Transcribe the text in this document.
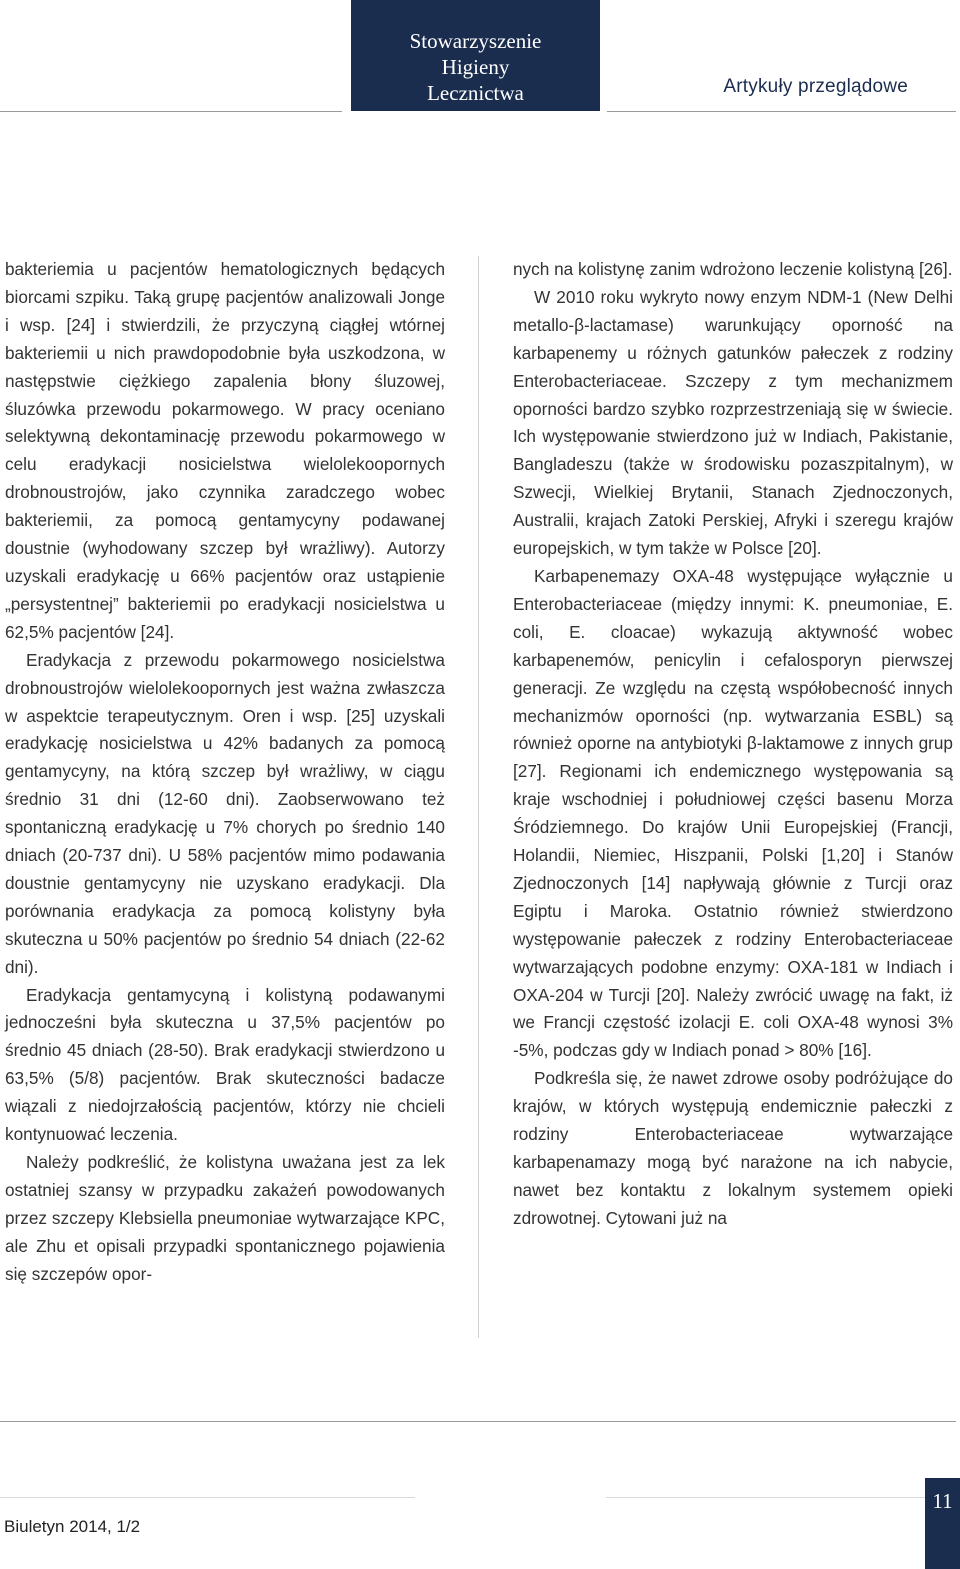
Stowarzyszenie
Higieny
Lecznictwa	Artykuły przeglądowe

bakteriemia u pacjentów hematologicznych będących biorcami szpiku. Taką grupę pacjentów analizowali Jonge i wsp. [24] i stwierdzili, że przyczyną ciągłej wtórnej bakteriemii u nich prawdopodobnie była uszkodzona, w następstwie ciężkiego zapalenia błony śluzowej, śluzówka przewodu pokarmowego. W pracy oceniano selektywną dekontaminację przewodu pokarmowego w celu eradykacji nosicielstwa wielolekoopornych drobnoustrojów, jako czynnika zaradczego wobec bakteriemii, za pomocą gentamycyny podawanej doustnie (wyhodowany szczep był wrażliwy). Autorzy uzyskali eradykację u 66% pacjentów oraz ustąpienie „persystentnej” bakteriemii po eradykacji nosicielstwa u 62,5% pacjentów [24].

Eradykacja z przewodu pokarmowego nosicielstwa drobnoustrojów wielolekoopornych jest ważna zwłaszcza w aspektcie terapeutycznym. Oren i wsp. [25] uzyskali eradykację nosicielstwa u 42% badanych za pomocą gentamycyny, na którą szczep był wrażliwy, w ciągu średnio 31 dni (12-60 dni). Zaobserwowano też spontaniczną eradykację u 7% chorych po średnio 140 dniach (20-737 dni). U 58% pacjentów mimo podawania doustnie gentamycyny nie uzyskano eradykacji. Dla porównania eradykacja za pomocą kolistyny była skuteczna u 50% pacjentów po średnio 54 dniach (22-62 dni).

Eradykacja gentamycyną i kolistyną podawanymi jednocześni była skuteczna u 37,5% pacjentów po średnio 45 dniach (28-50). Brak eradykacji stwierdzono u 63,5% (5/8) pacjentów. Brak skuteczności badacze wiązali z niedojrzałością pacjentów, którzy nie chcieli kontynuować leczenia.

Należy podkreślić, że kolistyna uważana jest za lek ostatniej szansy w przypadku zakażeń powodowanych przez szczepy Klebsiella pneumoniae wytwarzające KPC, ale Zhu et opisali przypadki spontanicznego pojawienia się szczepów opor-

nych na kolistynę zanim wdrożono leczenie kolistyną [26].

W 2010 roku wykryto nowy enzym NDM-1 (New Delhi metallo-β-lactamase) warunkujący oporność na karbapenemy u różnych gatunków pałeczek z rodziny Enterobacteriaceae. Szczepy z tym mechanizmem oporności bardzo szybko rozprzestrzeniają się w świecie. Ich występowanie stwierdzono już w Indiach, Pakistanie, Bangladeszu (także w środowisku pozaszpitalnym), w Szwecji, Wielkiej Brytanii, Stanach Zjednoczonych, Australii, krajach Zatoki Perskiej, Afryki i szeregu krajów europejskich, w tym także w Polsce [20].

Karbapenemazy OXA-48 występujące wyłącznie u Enterobacteriaceae (między innymi: K. pneumoniae, E. coli, E. cloacae) wykazują aktywność wobec karbapenemów, penicylin i cefalosporyn pierwszej generacji. Ze względu na częstą współobecność innych mechanizmów oporności (np. wytwarzania ESBL) są również oporne na antybiotyki β-laktamowe z innych grup [27]. Regionami ich endemicznego występowania są kraje wschodniej i południowej części basenu Morza Śródziemnego. Do krajów Unii Europejskiej (Francji, Holandii, Niemiec, Hiszpanii, Polski [1,20] i Stanów Zjednoczonych [14] napływają głównie z Turcji oraz Egiptu i Maroka. Ostatnio również stwierdzono występowanie pałeczek z rodziny Enterobacteriaceae wytwarzających podobne enzymy: OXA-181 w Indiach i OXA-204 w Turcji [20]. Należy zwrócić uwagę na fakt, iż we Francji częstość izolacji E. coli OXA-48 wynosi 3% -5%, podczas gdy w Indiach ponad > 80% [16].

Podkreśla się, że nawet zdrowe osoby podróżujące do krajów, w których występują endemicznie pałeczki z rodziny Enterobacteriaceae wytwarzające karbapenamazy mogą być narażone na ich nabycie, nawet bez kontaktu z lokalnym systemem opieki zdrowotnej. Cytowani już na

Biuletyn 2014, 1/2
11
